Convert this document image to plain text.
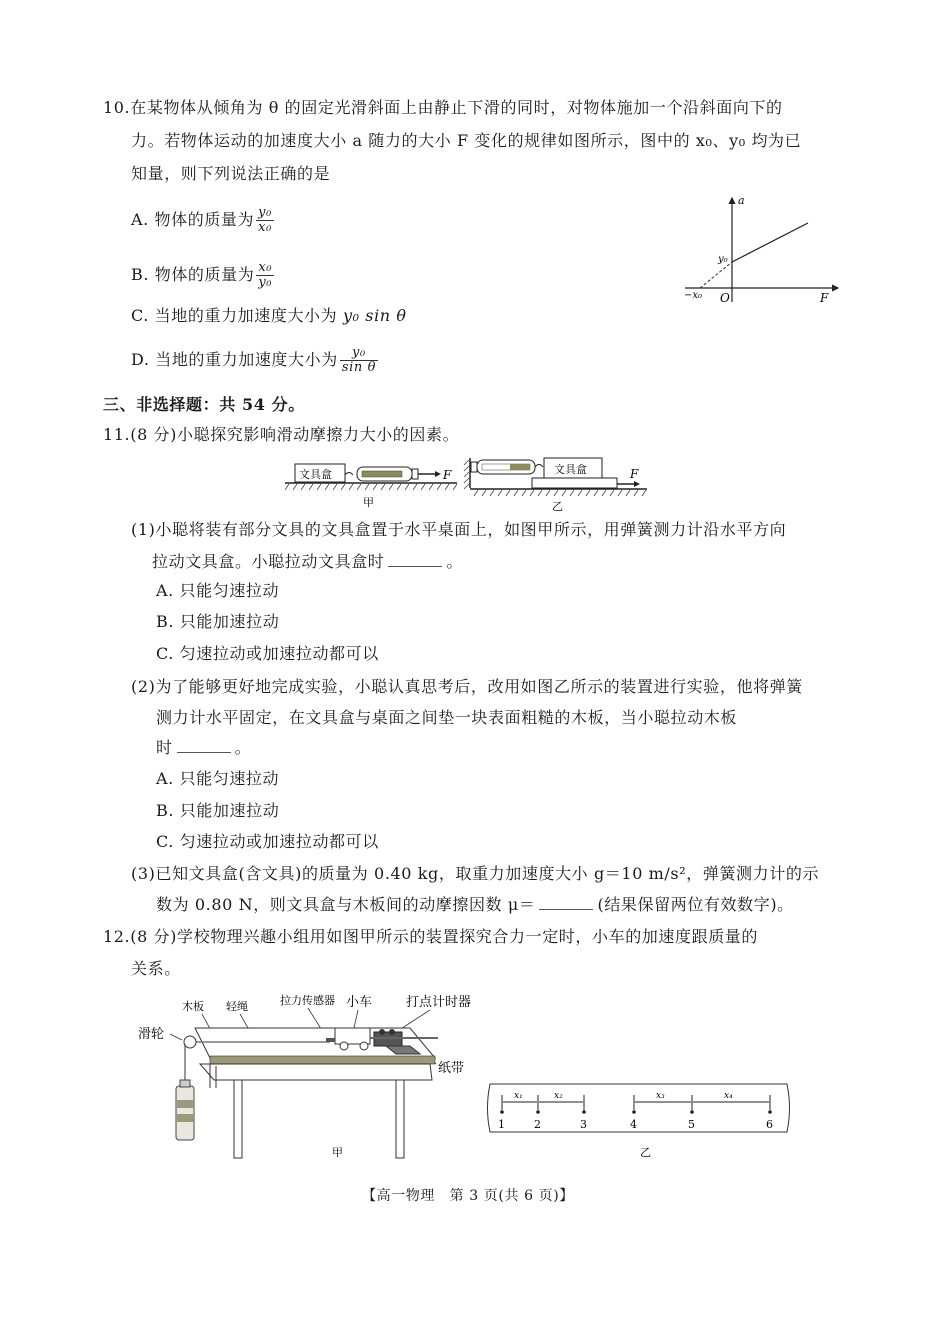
10.在某物体从倾角为 θ 的固定光滑斜面上由静止下滑的同时，对物体施加一个沿斜面向下的
力。若物体运动的加速度大小 a 随力的大小 F 变化的规律如图所示，图中的 x₀、y₀ 均为已
知量，则下列说法正确的是
A. 物体的质量为 $\frac{\text{y₀}}{\text{x₀}}$
B. 物体的质量为 $\frac{\text{x₀}}{\text{y₀}}$
C. 当地的重力加速度大小为 y₀ sin θ
D. 当地的重力加速度大小为 $\frac{\text{y₀}}{\text{sin θ}}$
a
F
O
y₀
−x₀
三、非选择题：共 54 分。
11.(8 分)小聪探究影响滑动摩擦力大小的因素。
文具盒	F
甲
文具盒	F
乙
(1)小聪将装有部分文具的文具盒置于水平桌面上，如图甲所示，用弹簧测力计沿水平方向
拉动文具盒。小聪拉动文具盒时	。
A. 只能匀速拉动
B. 只能加速拉动
C. 匀速拉动或加速拉动都可以
(2)为了能够更好地完成实验，小聪认真思考后，改用如图乙所示的装置进行实验，他将弹簧
测力计水平固定，在文具盒与桌面之间垫一块表面粗糙的木板，当小聪拉动木板
时	。
A. 只能匀速拉动
B. 只能加速拉动
C. 匀速拉动或加速拉动都可以
(3)已知文具盒(含文具)的质量为 0.40 kg，取重力加速度大小 g＝10 m/s²，弹簧测力计的示
数为 0.80 N，则文具盒与木板间的动摩擦因数 μ＝	(结果保留两位有效数字)。
12.(8 分)学校物理兴趣小组用如图甲所示的装置探究合力一定时，小车的加速度跟质量的
关系。
木板 轻绳	拉力传感器 小车	打点计时器
滑轮
纸带
甲
x₁	x₂	x₃	x₄
1	2	3	4	5	6
乙
【高一物理　第 3 页(共 6 页)】
